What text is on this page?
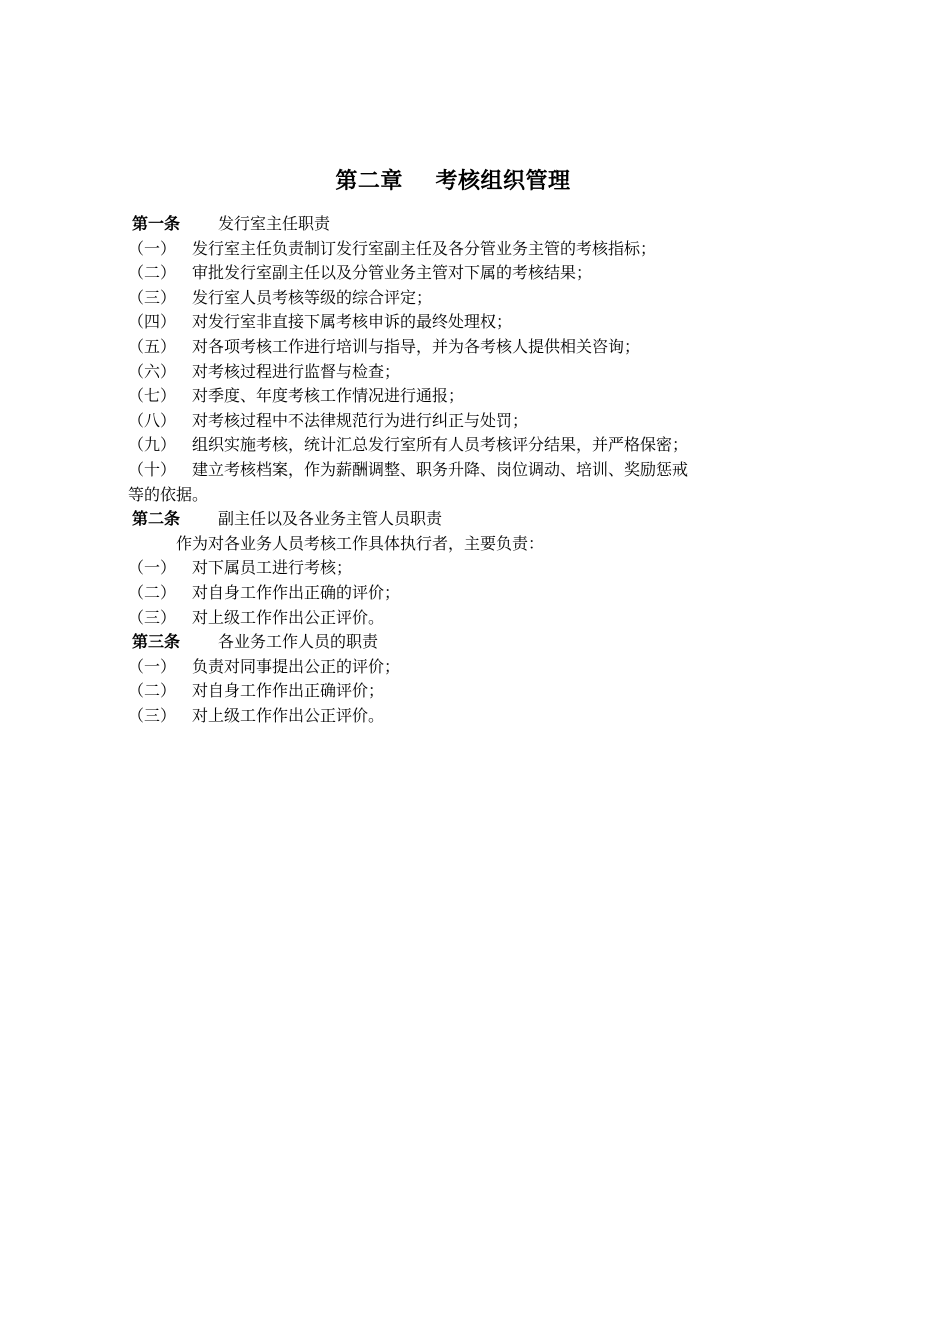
第二章    考核组织管理
第一条 发行室主任职责
（一） 发行室主任负责制订发行室副主任及各分管业务主管的考核指标；
（二） 审批发行室副主任以及分管业务主管对下属的考核结果；
（三） 发行室人员考核等级的综合评定；
（四） 对发行室非直接下属考核申诉的最终处理权；
（五） 对各项考核工作进行培训与指导，并为各考核人提供相关咨询；
（六） 对考核过程进行监督与检查；
（七） 对季度、年度考核工作情况进行通报；
（八） 对考核过程中不法律规范行为进行纠正与处罚；
（九） 组织实施考核，统计汇总发行室所有人员考核评分结果，并严格保密；
（十） 建立考核档案，作为薪酬调整、职务升降、岗位调动、培训、奖励惩戒
等的依据。
第二条 副主任以及各业务主管人员职责
作为对各业务人员考核工作具体执行者，主要负责：
（一） 对下属员工进行考核；
（二） 对自身工作作出正确的评价；
（三） 对上级工作作出公正评价。
第三条 各业务工作人员的职责
（一） 负责对同事提出公正的评价；
（二） 对自身工作作出正确评价；
（三） 对上级工作作出公正评价。
